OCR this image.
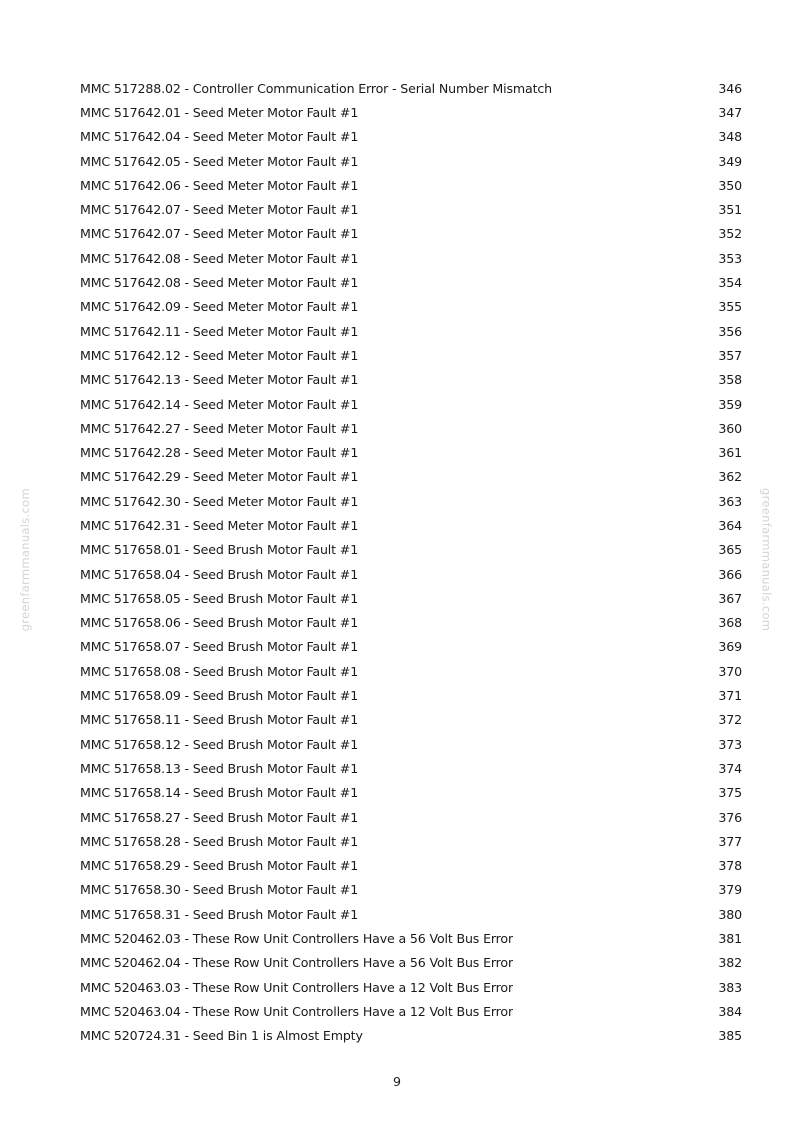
greenfarmmanuals.com	greenfarmmanuals.com
MMC 517288.02 - Controller Communication Error - Serial Number Mismatch	346
MMC 517642.01 - Seed Meter Motor Fault #1	347
MMC 517642.04 - Seed Meter Motor Fault #1	348
MMC 517642.05 - Seed Meter Motor Fault #1	349
MMC 517642.06 - Seed Meter Motor Fault #1	350
MMC 517642.07 - Seed Meter Motor Fault #1	351
MMC 517642.07 - Seed Meter Motor Fault #1	352
MMC 517642.08 - Seed Meter Motor Fault #1	353
MMC 517642.08 - Seed Meter Motor Fault #1	354
MMC 517642.09 - Seed Meter Motor Fault #1	355
MMC 517642.11 - Seed Meter Motor Fault #1	356
MMC 517642.12 - Seed Meter Motor Fault #1	357
MMC 517642.13 - Seed Meter Motor Fault #1	358
MMC 517642.14 - Seed Meter Motor Fault #1	359
MMC 517642.27 - Seed Meter Motor Fault #1	360
MMC 517642.28 - Seed Meter Motor Fault #1	361
MMC 517642.29 - Seed Meter Motor Fault #1	362
MMC 517642.30 - Seed Meter Motor Fault #1	363
MMC 517642.31 - Seed Meter Motor Fault #1	364
MMC 517658.01 - Seed Brush Motor Fault #1	365
MMC 517658.04 - Seed Brush Motor Fault #1	366
MMC 517658.05 - Seed Brush Motor Fault #1	367
MMC 517658.06 - Seed Brush Motor Fault #1	368
MMC 517658.07 - Seed Brush Motor Fault #1	369
MMC 517658.08 - Seed Brush Motor Fault #1	370
MMC 517658.09 - Seed Brush Motor Fault #1	371
MMC 517658.11 - Seed Brush Motor Fault #1	372
MMC 517658.12 - Seed Brush Motor Fault #1	373
MMC 517658.13 - Seed Brush Motor Fault #1	374
MMC 517658.14 - Seed Brush Motor Fault #1	375
MMC 517658.27 - Seed Brush Motor Fault #1	376
MMC 517658.28 - Seed Brush Motor Fault #1	377
MMC 517658.29 - Seed Brush Motor Fault #1	378
MMC 517658.30 - Seed Brush Motor Fault #1	379
MMC 517658.31 - Seed Brush Motor Fault #1	380
MMC 520462.03 - These Row Unit Controllers Have a 56 Volt Bus Error	381
MMC 520462.04 - These Row Unit Controllers Have a 56 Volt Bus Error	382
MMC 520463.03 - These Row Unit Controllers Have a 12 Volt Bus Error	383
MMC 520463.04 - These Row Unit Controllers Have a 12 Volt Bus Error	384
MMC 520724.31 - Seed Bin 1 is Almost Empty	385
9
